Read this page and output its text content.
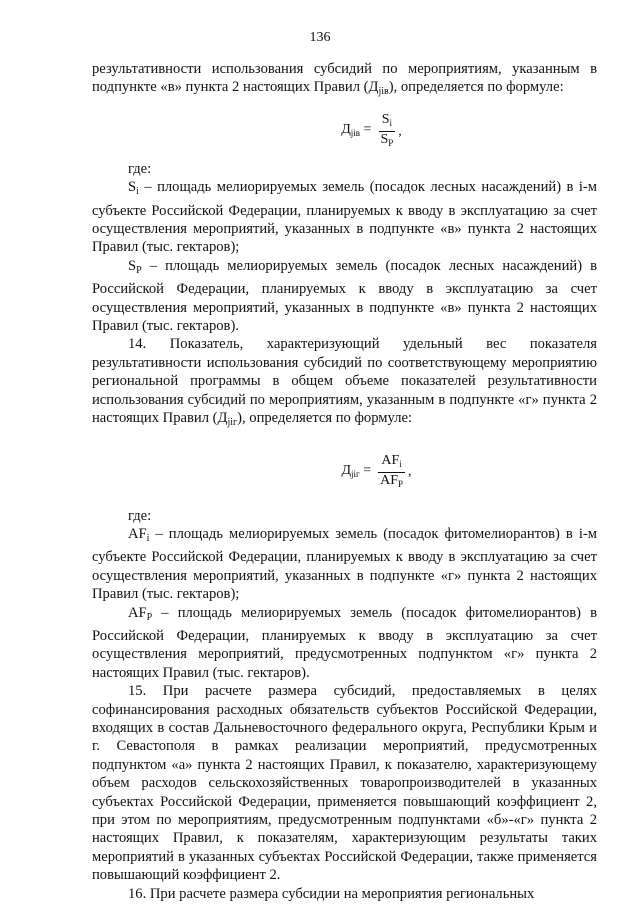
136

результативности использования субсидий по мероприятиям, указанным в подпункте «в» пункта 2 настоящих Правил $(Д_{jiв})$, определяется по формуле:

$Д_{jiв} = \frac{S_i}{S_P}$ ,

где:

$S_i$ – площадь мелиорируемых земель (посадок лесных насаждений) в i-м субъекте Российской Федерации, планируемых к вводу в эксплуатацию за счет осуществления мероприятий, указанных в подпункте «в» пункта 2 настоящих Правил (тыс. гектаров);

$S_P$ – площадь мелиорируемых земель (посадок лесных насаждений) в Российской Федерации, планируемых к вводу в эксплуатацию за счет осуществления мероприятий, указанных в подпункте «в» пункта 2 настоящих Правил (тыс. гектаров).

14. Показатель, характеризующий удельный вес показателя результативности использования субсидий по соответствующему мероприятию региональной программы в общем объеме показателей результативности использования субсидий по мероприятиям, указанным в подпункте «г» пункта 2 настоящих Правил $(Д_{jiг})$, определяется по формуле:

$Д_{jiг} = \frac{AF_i}{AF_P}$ ,

где:

$AF_i$ – площадь мелиорируемых земель (посадок фитомелиорантов) в i-м субъекте Российской Федерации, планируемых к вводу в эксплуатацию за счет осуществления мероприятий, указанных в подпункте «г» пункта 2 настоящих Правил (тыс. гектаров);

$AF_P$ – площадь мелиорируемых земель (посадок фитомелиорантов) в Российской Федерации, планируемых к вводу в эксплуатацию за счет осуществления мероприятий, предусмотренных подпунктом «г» пункта 2 настоящих Правил (тыс. гектаров).

15. При расчете размера субсидий, предоставляемых в целях софинансирования расходных обязательств субъектов Российской Федерации, входящих в состав Дальневосточного федерального округа, Республики Крым и г. Севастополя в рамках реализации мероприятий, предусмотренных подпунктом «а» пункта 2 настоящих Правил, к показателю, характеризующему объем расходов сельскохозяйственных товаропроизводителей в указанных субъектах Российской Федерации, применяется повышающий коэффициент 2, при этом по мероприятиям, предусмотренным подпунктами «б»-«г» пункта 2 настоящих Правил, к показателям, характеризующим результаты таких мероприятий в указанных субъектах Российской Федерации, также применяется повышающий коэффициент 2.

16. При расчете размера субсидии на мероприятия региональных
